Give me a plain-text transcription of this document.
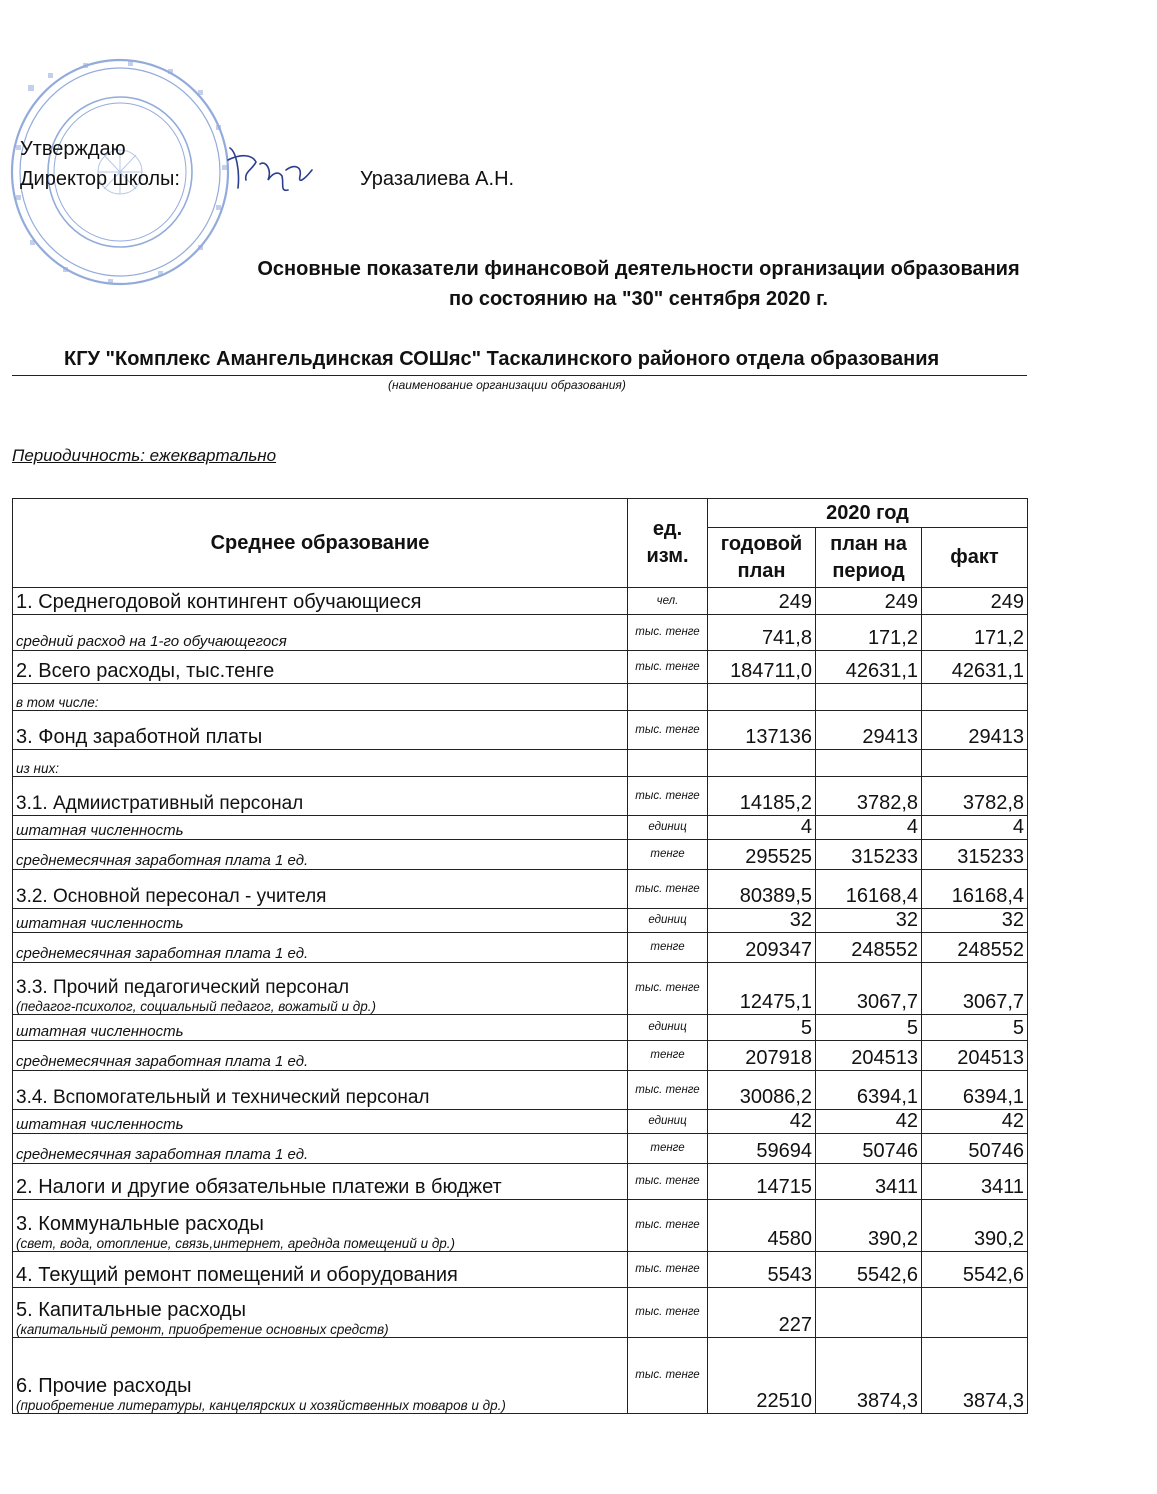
Утверждаю
Директор школы:	Уразалиева А.Н.
Основные показатели финансовой деятельности организации образования
по состоянию на "30" сентября 2020 г.
КГУ "Комплекс Амангельдинская СОШяс" Таскалинского районого отдела образования
(наименование организации образования)
Периодичность: ежеквартально
Среднее образование	ед. изм.	2020 год		
		годовой план	план на период	факт

1. Среднегодовой контингент обучающиеся	чел.	249	249	249
средний расход на 1-го обучающегося	тыс. тенге	741,8	171,2	171,2
2. Всего расходы, тыс.тенге	тыс. тенге	184711,0	42631,1	42631,1
в том числе:				
3. Фонд заработной платы	тыс. тенге	137136	29413	29413
из них:				
3.1. Адмиистративный персонал	тыс. тенге	14185,2	3782,8	3782,8
штатная численность	единиц	4	4	4
среднемесячная заработная плата 1 ед.	тенге	295525	315233	315233
3.2. Основной пересонал - учителя	тыс. тенге	80389,5	16168,4	16168,4
штатная численность	единиц	32	32	32
среднемесячная заработная плата 1 ед.	тенге	209347	248552	248552
3.3. Прочий педагогический персонал
(педагог-психолог, социальный педагог, вожатый и др.)	тыс. тенге	12475,1	3067,7	3067,7
штатная численность	единиц	5	5	5
среднемесячная заработная плата 1 ед.	тенге	207918	204513	204513
3.4. Вспомогательный и технический персонал	тыс. тенге	30086,2	6394,1	6394,1
штатная численность	единиц	42	42	42
среднемесячная заработная плата 1 ед.	тенге	59694	50746	50746
2. Налоги и другие обязательные платежи в бюджет	тыс. тенге	14715	3411	3411
3. Коммунальные расходы
(свет, вода, отопление, связь,интернет, аредндa помещений и др.)	тыс. тенге	4580	390,2	390,2
4. Текущий ремонт помещений и оборудования	тыс. тенге	5543	5542,6	5542,6
5. Капитальные расходы
(капитальный ремонт, приобретение основных средств)	тыс. тенге	227		
6. Прочие расходы
(приобретение литературы, канцелярских и хозяйственных товаров и др.)	тыс. тенге	22510	3874,3	3874,3
